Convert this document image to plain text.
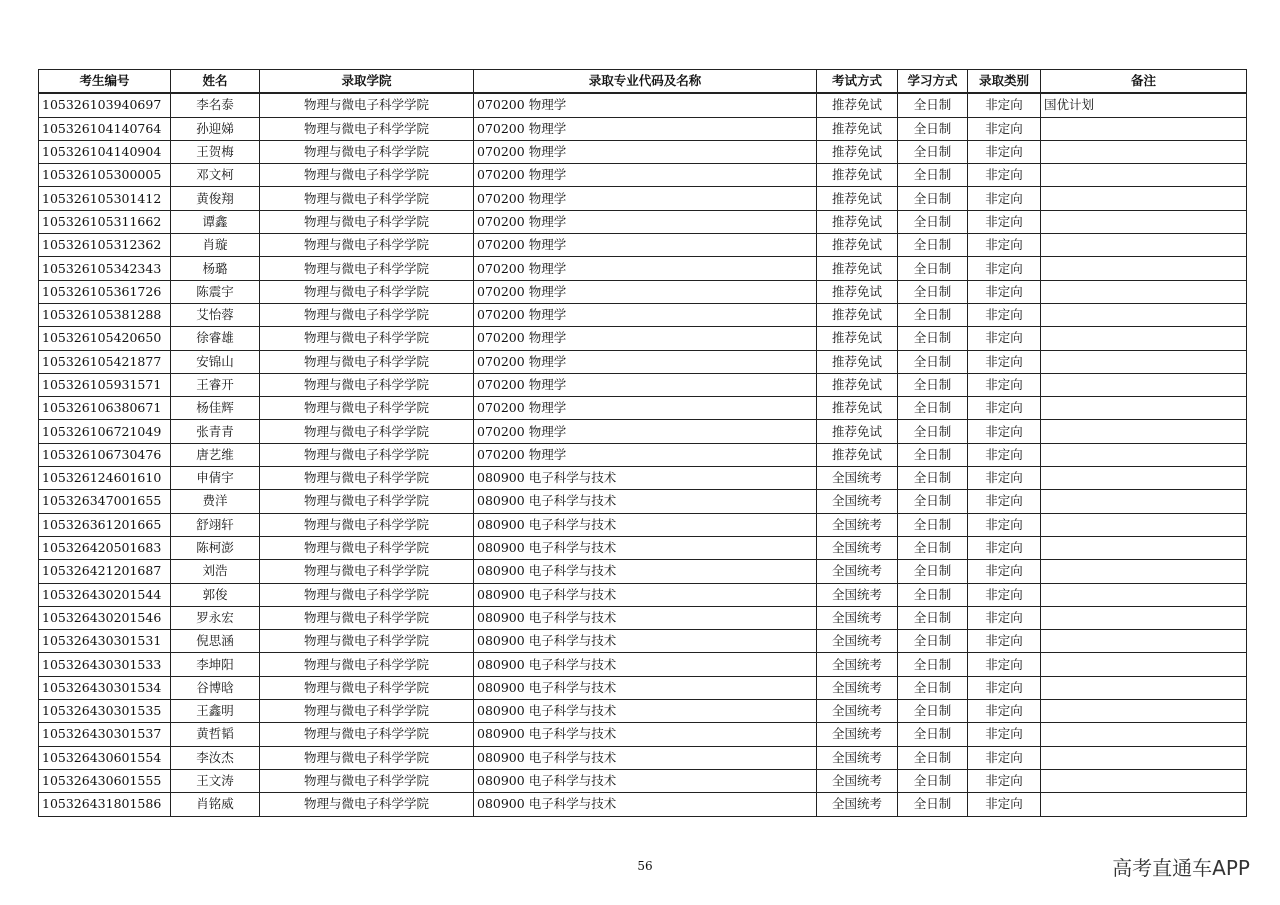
考生编号	姓名	录取学院	录取专业代码及名称	考试方式	学习方式	录取类别	备注
105326103940697	李名泰	物理与微电子科学学院	070200 物理学	推荐免试	全日制	非定向	国优计划
105326104140764	孙迎娣	物理与微电子科学学院	070200 物理学	推荐免试	全日制	非定向	
105326104140904	王贺梅	物理与微电子科学学院	070200 物理学	推荐免试	全日制	非定向	
105326105300005	邓文柯	物理与微电子科学学院	070200 物理学	推荐免试	全日制	非定向	
105326105301412	黄俊翔	物理与微电子科学学院	070200 物理学	推荐免试	全日制	非定向	
105326105311662	谭鑫	物理与微电子科学学院	070200 物理学	推荐免试	全日制	非定向	
105326105312362	肖璇	物理与微电子科学学院	070200 物理学	推荐免试	全日制	非定向	
105326105342343	杨璐	物理与微电子科学学院	070200 物理学	推荐免试	全日制	非定向	
105326105361726	陈震宇	物理与微电子科学学院	070200 物理学	推荐免试	全日制	非定向	
105326105381288	艾怡蓉	物理与微电子科学学院	070200 物理学	推荐免试	全日制	非定向	
105326105420650	徐睿雄	物理与微电子科学学院	070200 物理学	推荐免试	全日制	非定向	
105326105421877	安锦山	物理与微电子科学学院	070200 物理学	推荐免试	全日制	非定向	
105326105931571	王睿开	物理与微电子科学学院	070200 物理学	推荐免试	全日制	非定向	
105326106380671	杨佳辉	物理与微电子科学学院	070200 物理学	推荐免试	全日制	非定向	
105326106721049	张青青	物理与微电子科学学院	070200 物理学	推荐免试	全日制	非定向	
105326106730476	唐艺维	物理与微电子科学学院	070200 物理学	推荐免试	全日制	非定向	
105326124601610	申倩宇	物理与微电子科学学院	080900 电子科学与技术	全国统考	全日制	非定向	
105326347001655	费洋	物理与微电子科学学院	080900 电子科学与技术	全国统考	全日制	非定向	
105326361201665	舒翊轩	物理与微电子科学学院	080900 电子科学与技术	全国统考	全日制	非定向	
105326420501683	陈柯澎	物理与微电子科学学院	080900 电子科学与技术	全国统考	全日制	非定向	
105326421201687	刘浩	物理与微电子科学学院	080900 电子科学与技术	全国统考	全日制	非定向	
105326430201544	郭俊	物理与微电子科学学院	080900 电子科学与技术	全国统考	全日制	非定向	
105326430201546	罗永宏	物理与微电子科学学院	080900 电子科学与技术	全国统考	全日制	非定向	
105326430301531	倪思涵	物理与微电子科学学院	080900 电子科学与技术	全国统考	全日制	非定向	
105326430301533	李坤阳	物理与微电子科学学院	080900 电子科学与技术	全国统考	全日制	非定向	
105326430301534	谷博晗	物理与微电子科学学院	080900 电子科学与技术	全国统考	全日制	非定向	
105326430301535	王鑫明	物理与微电子科学学院	080900 电子科学与技术	全国统考	全日制	非定向	
105326430301537	黄哲韬	物理与微电子科学学院	080900 电子科学与技术	全国统考	全日制	非定向	
105326430601554	李汝杰	物理与微电子科学学院	080900 电子科学与技术	全国统考	全日制	非定向	
105326430601555	王文涛	物理与微电子科学学院	080900 电子科学与技术	全国统考	全日制	非定向	
105326431801586	肖铭威	物理与微电子科学学院	080900 电子科学与技术	全国统考	全日制	非定向	
56	高考直通车APP
